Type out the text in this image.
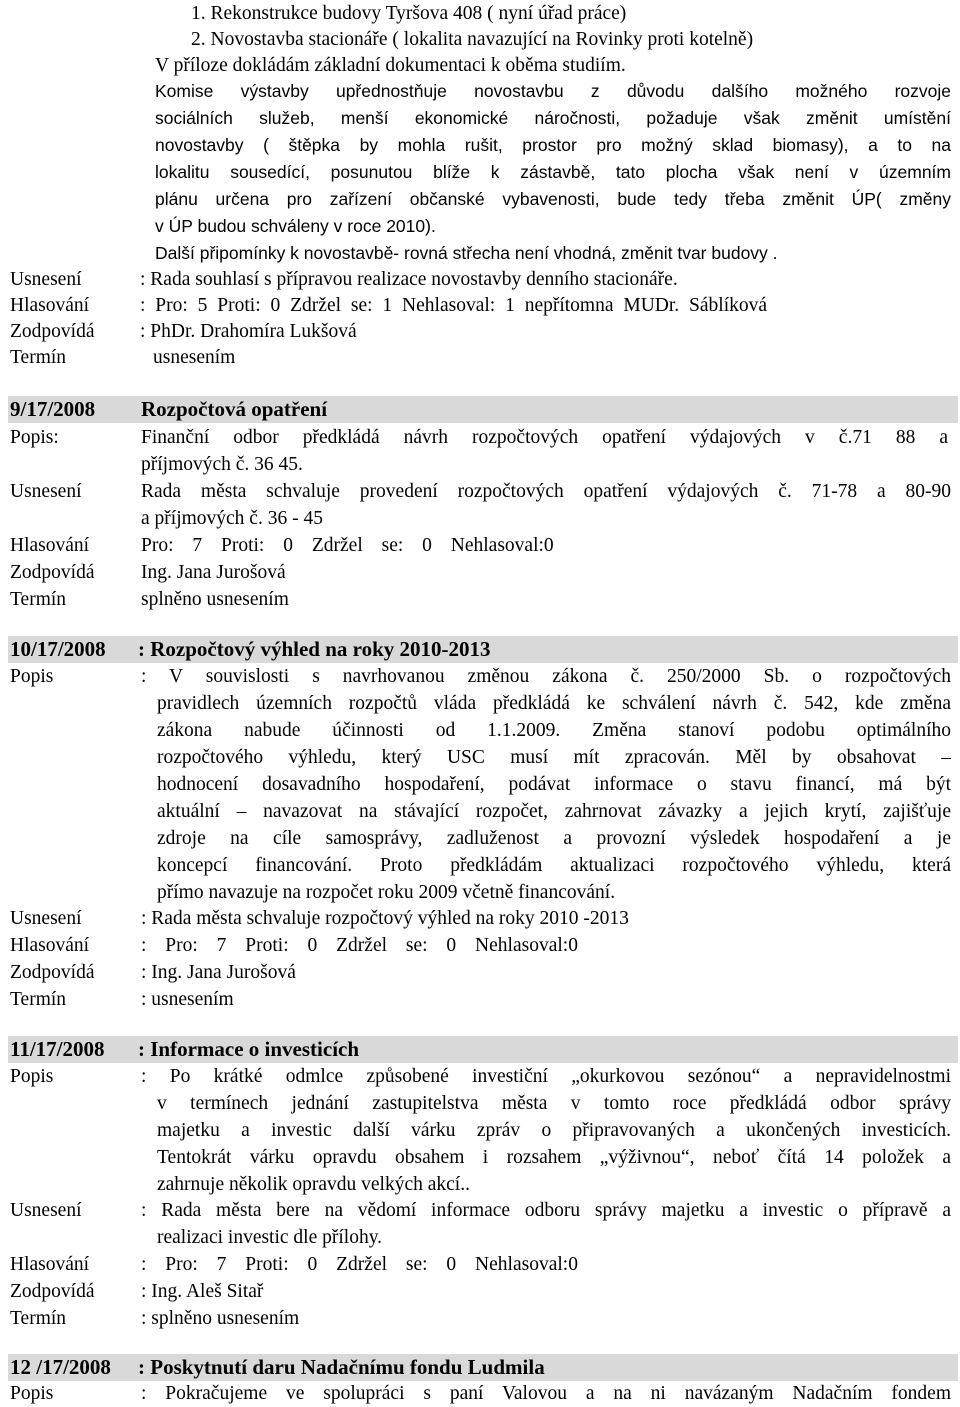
1. Rekonstrukce budovy Tyršova 408 ( nyní úřad práce)
2. Novostavba stacionáře ( lokalita navazující na Rovinky proti kotelně)
V příloze dokládám základní dokumentaci k oběma studiím.
Komise výstavby upřednostňuje novostavbu z důvodu dalšího možného rozvoje
sociálních služeb, menší ekonomické náročnosti, požaduje však změnit umístění
novostavby ( štěpka by mohla rušit, prostor pro možný sklad biomasy), a to na
lokalitu sousedící, posunutou blíže k zástavbě, tato plocha však není v územním
plánu určena pro zařízení občanské vybavenosti, bude tedy třeba změnit ÚP( změny
v ÚP budou schváleny v roce 2010).
Další připomínky k novostavbě- rovná střecha není vhodná, změnit tvar budovy .
Usnesení	: Rada souhlasí s přípravou realizace novostavby denního stacionáře.
Hlasování	: Pro: 5 Proti: 0 Zdržel se: 1 Nehlasoval: 1 nepřítomna MUDr. Sáblíková
Zodpovídá : PhDr. Drahomíra Lukšová
Termín	usnesením
9/17/2008 Rozpočtová opatření
Popis:	Finanční odbor předkládá návrh rozpočtových opatření výdajových v č.71 88 a
příjmových č. 36 45.
Usnesení	Rada města schvaluje provedení rozpočtových opatření výdajových č. 71-78 a 80-90
a příjmových č. 36 - 45
Hlasování	Pro: 7 Proti: 0 Zdržel se: 0 Nehlasoval:0
Zodpovídá Ing. Jana Jurošová
Termín	splněno usnesením
10/17/2008 : Rozpočtový výhled na roky 2010-2013
Popis	: V souvislosti s navrhovanou změnou zákona č. 250/2000 Sb. o rozpočtových
pravidlech územních rozpočtů vláda předkládá ke schválení návrh č. 542, kde změna
zákona nabude účinnosti od 1.1.2009. Změna stanoví podobu optimálního
rozpočtového výhledu, který USC musí mít zpracován. Měl by obsahovat –
hodnocení dosavadního hospodaření, podávat informace o stavu financí, má být
aktuální – navazovat na stávající rozpočet, zahrnovat závazky a jejich krytí, zajišťuje
zdroje na cíle samosprávy, zadluženost a provozní výsledek hospodaření a je
koncepcí financování. Proto předkládám aktualizaci rozpočtového výhledu, která
přímo navazuje na rozpočet roku 2009 včetně financování.
Usnesení	: Rada města schvaluje rozpočtový výhled na roky 2010 -2013
Hlasování	: Pro: 7 Proti: 0 Zdržel se: 0 Nehlasoval:0
Zodpovídá : Ing. Jana Jurošová
Termín	: usnesením
11/17/2008 : Informace o investicích
Popis	: Po krátké odmlce způsobené investiční „okurkovou sezónou“ a nepravidelnostmi
v termínech jednání zastupitelstva města v tomto roce předkládá odbor správy
majetku a investic další várku zpráv o připravovaných a ukončených investicích.
Tentokrát várku opravdu obsahem i rozsahem „výživnou“, neboť čítá 14 položek a
zahrnuje několik opravdu velkých akcí..
Usnesení	: Rada města bere na vědomí informace odboru správy majetku a investic o přípravě a
realizaci investic dle přílohy.
Hlasování	: Pro: 7 Proti: 0 Zdržel se: 0 Nehlasoval:0
Zodpovídá : Ing. Aleš Sitař
Termín	: splněno usnesením
12 /17/2008 : Poskytnutí daru Nadačnímu fondu Ludmila
Popis	: Pokračujeme ve spolupráci s paní Valovou a na ni navázaným Nadačním fondem
